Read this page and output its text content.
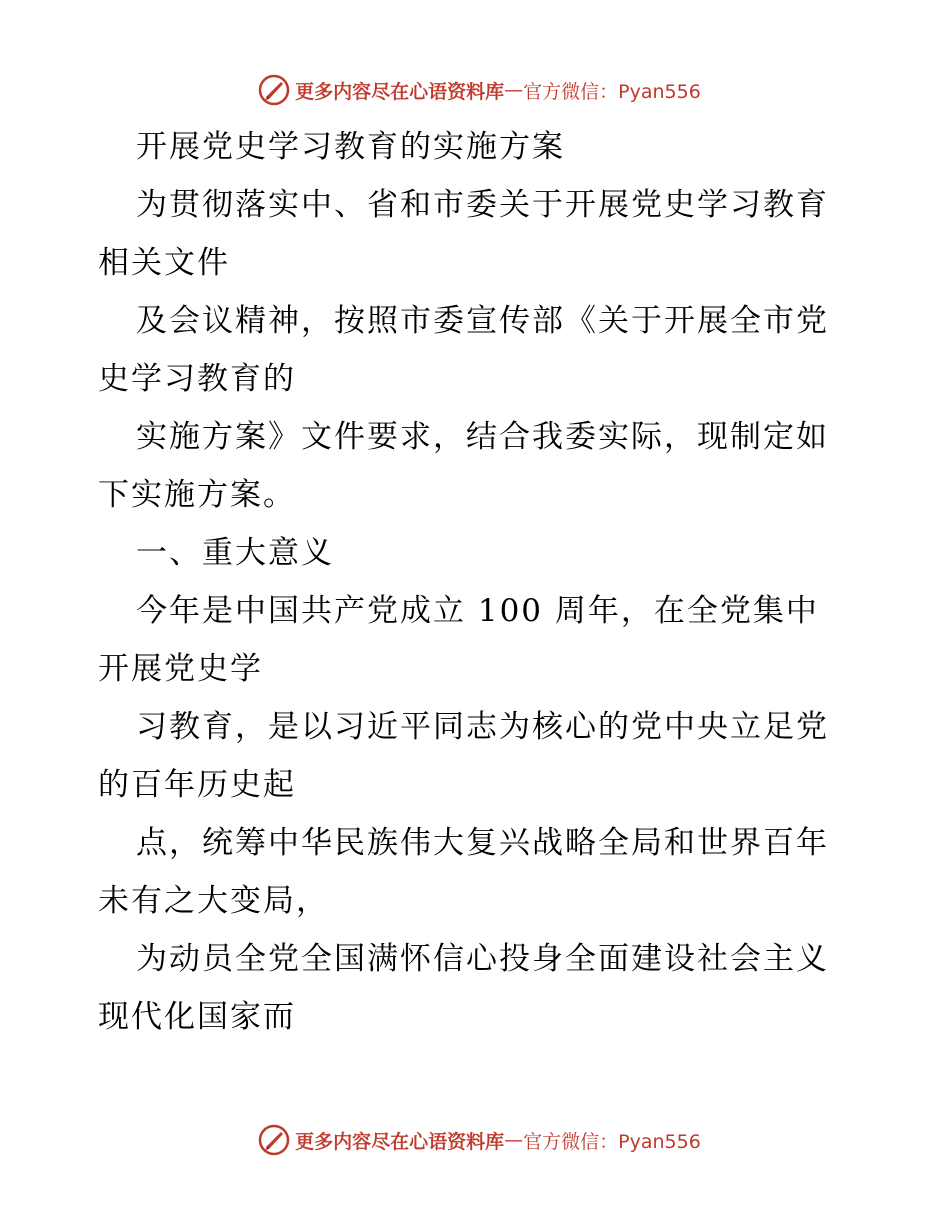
更多内容尽在心语资料库 — 官方微信：Pyan556
开展党史学习教育的实施方案
为贯彻落实中、省和市委关于开展党史学习教育
相关文件
及会议精神，按照市委宣传部《关于开展全市党
史学习教育的
实施方案》文件要求，结合我委实际，现制定如
下实施方案。
一、重大意义
今年是中国共产党成立 100 周年，在全党集中
开展党史学
习教育，是以习近平同志为核心的党中央立足党
的百年历史起
点，统筹中华民族伟大复兴战略全局和世界百年
未有之大变局，
为动员全党全国满怀信心投身全面建设社会主义
现代化国家而
更多内容尽在心语资料库 — 官方微信：Pyan556
